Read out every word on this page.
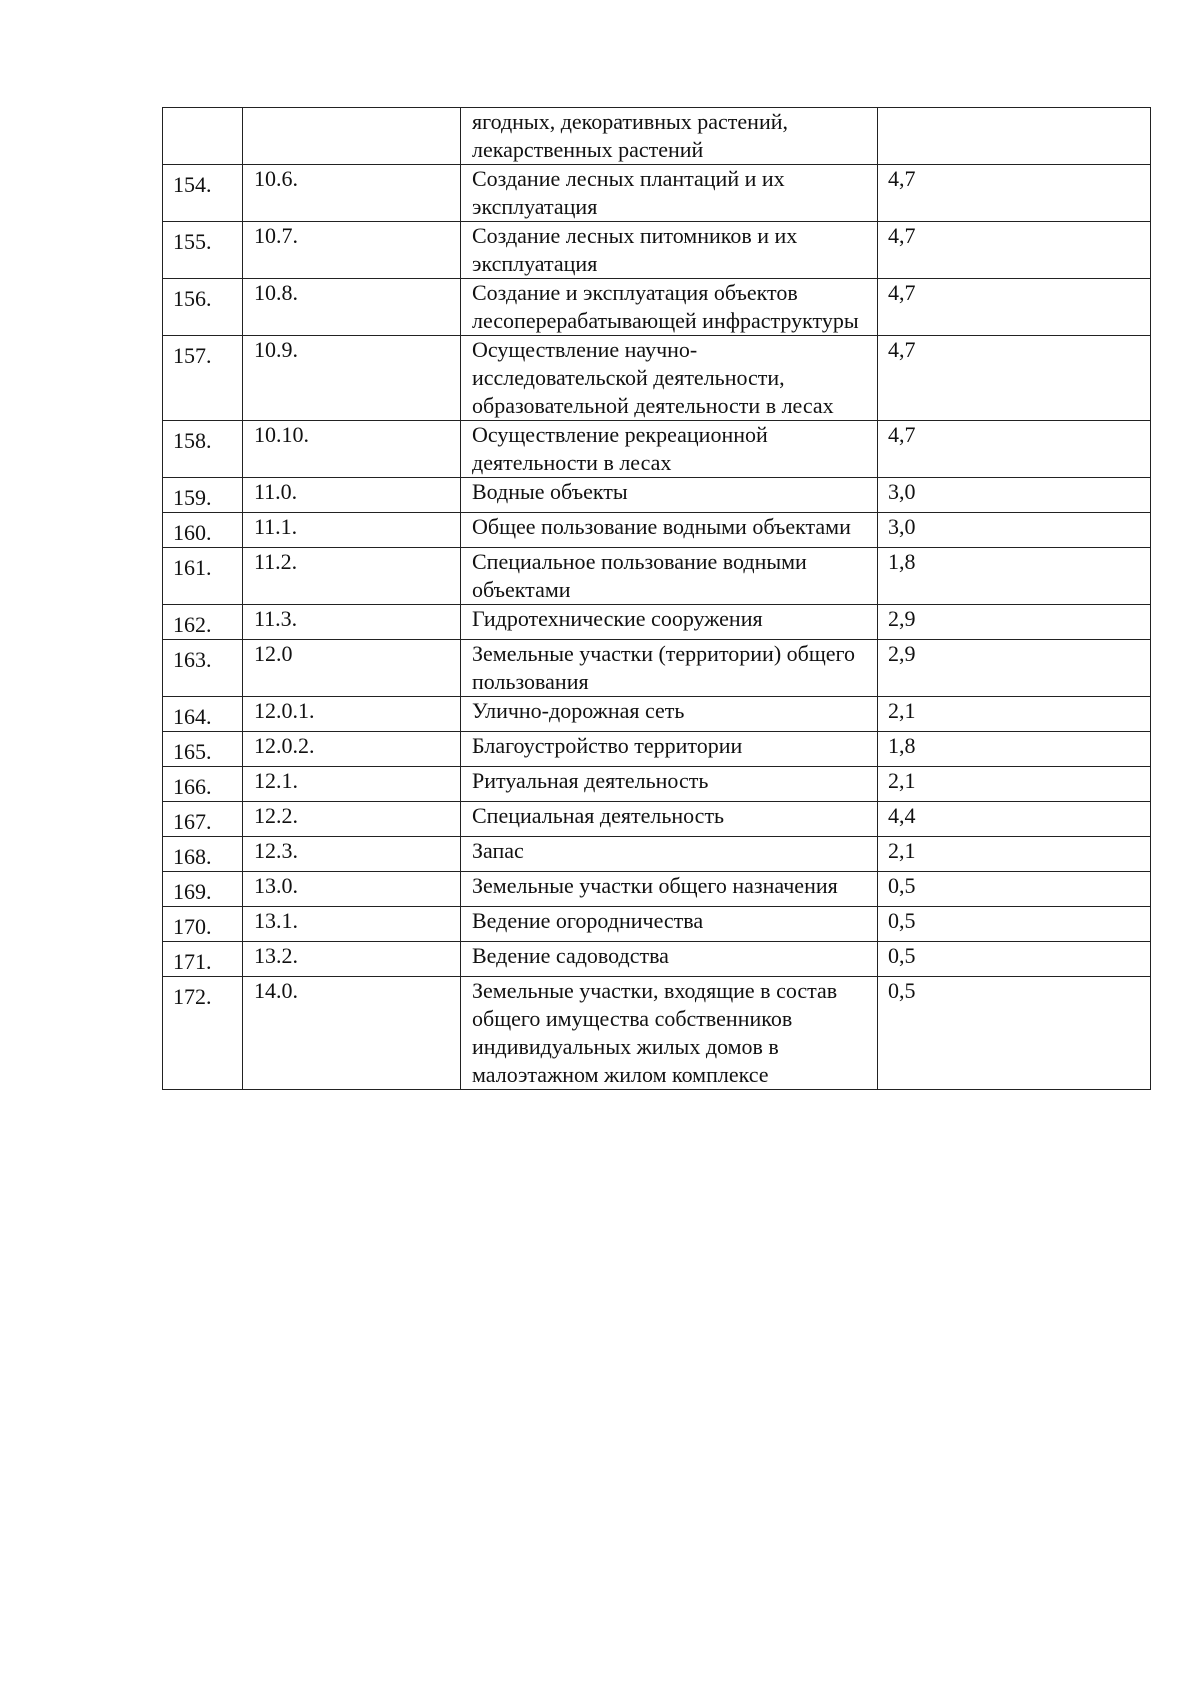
		ягодных, декоративных растений, лекарственных растений	
154.	10.6.	Создание лесных плантаций и их эксплуатация	4,7
155.	10.7.	Создание лесных питомников и их эксплуатация	4,7
156.	10.8.	Создание и эксплуатация объектов лесоперерабатывающей инфраструктуры	4,7
157.	10.9.	Осуществление научно-исследовательской деятельности, образовательной деятельности в лесах	4,7
158.	10.10.	Осуществление рекреационной деятельности в лесах	4,7
159.	11.0.	Водные объекты	3,0
160.	11.1.	Общее пользование водными объектами	3,0
161.	11.2.	Специальное пользование водными объектами	1,8
162.	11.3.	Гидротехнические сооружения	2,9
163.	12.0	Земельные участки (территории) общего пользования	2,9
164.	12.0.1.	Улично-дорожная сеть	2,1
165.	12.0.2.	Благоустройство территории	1,8
166.	12.1.	Ритуальная деятельность	2,1
167.	12.2.	Специальная деятельность	4,4
168.	12.3.	Запас	2,1
169.	13.0.	Земельные участки общего назначения	0,5
170.	13.1.	Ведение огородничества	0,5
171.	13.2.	Ведение садоводства	0,5
172.	14.0.	Земельные участки, входящие в состав общего имущества собственников индивидуальных жилых домов в малоэтажном жилом комплексе	0,5
